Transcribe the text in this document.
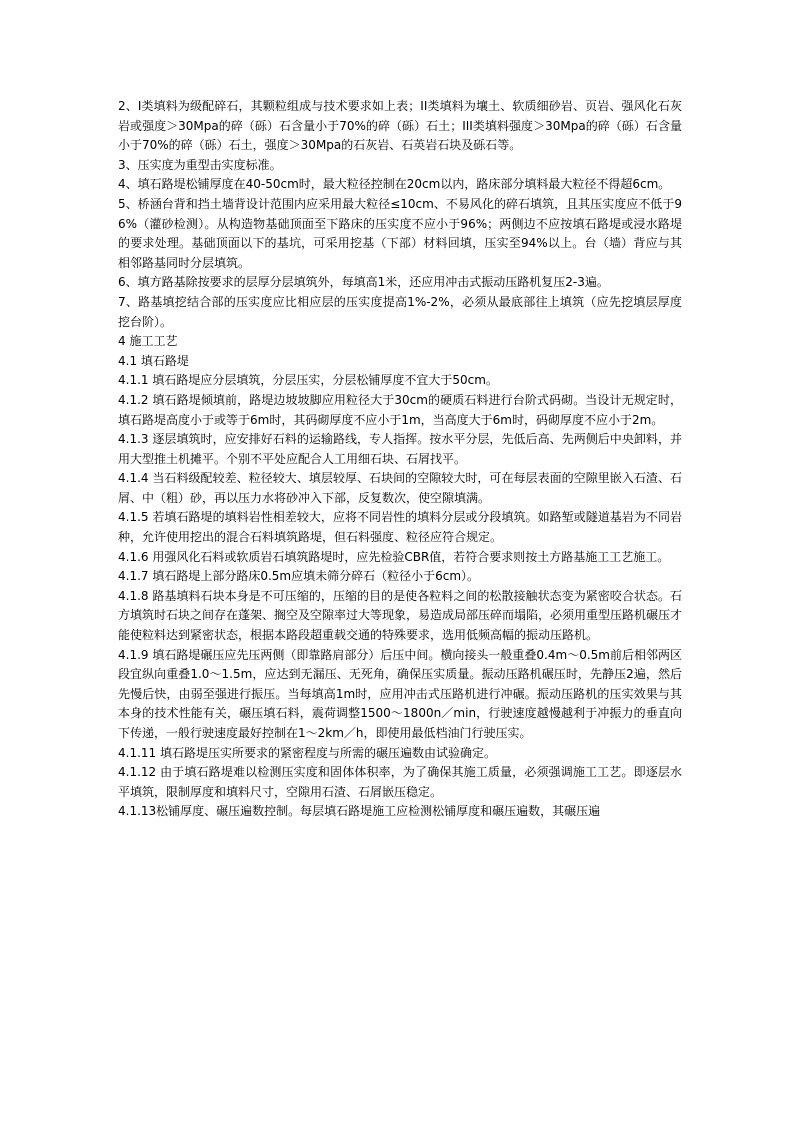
2、I类填料为级配碎石，其颗粒组成与技术要求如上表；II类填料为壤土、软质细砂岩、页岩、强风化石灰岩或强度＞30Mpa的碎（砾）石含量小于70%的碎（砾）石土；III类填料强度＞30Mpa的碎（砾）石含量小于70%的碎（砾）石土，强度＞30Mpa的石灰岩、石英岩石块及砾石等。

3、压实度为重型击实度标准。

4、填石路堤松铺厚度在40-50cm时，最大粒径控制在20cm以内，路床部分填料最大粒径不得超6cm。

5、桥涵台背和挡土墙背设计范围内应采用最大粒径≤10cm、不易风化的碎石填筑，且其压实度应不低于96%（灌砂检测）。从构造物基础顶面至下路床的压实度不应小于96%；两侧边不应按填石路堤或浸水路堤的要求处理。基础顶面以下的基坑，可采用挖基（下部）材料回填，压实至94%以上。台（墙）背应与其相邻路基同时分层填筑。

6、填方路基除按要求的层厚分层填筑外，每填高1米，还应用冲击式振动压路机复压2-3遍。

7、路基填挖结合部的压实度应比相应层的压实度提高1%-2%，必须从最底部往上填筑（应先挖填层厚度挖台阶）。

4 施工工艺

4.1 填石路堤

4.1.1 填石路堤应分层填筑，分层压实，分层松铺厚度不宜大于50cm。

4.1.2 填石路堤倾填前，路堤边坡坡脚应用粒径大于30cm的硬质石料进行台阶式码砌。当设计无规定时，填石路堤高度小于或等于6m时，其码砌厚度不应小于1m，当高度大于6m时，码砌厚度不应小于2m。

4.1.3 逐层填筑时，应安排好石料的运输路线，专人指挥。按水平分层，先低后高、先两侧后中央卸料，并用大型推土机摊平。个别不平处应配合人工用细石块、石屑找平。

4.1.4 当石料级配较差、粒径较大、填层较厚、石块间的空隙较大时，可在每层表面的空隙里嵌入石渣、石屑、中（粗）砂，再以压力水将砂冲入下部，反复数次，使空隙填满。

4.1.5 若填石路堤的填料岩性相差较大，应将不同岩性的填料分层或分段填筑。如路堑或隧道基岩为不同岩种，允许使用挖出的混合石料填筑路堤，但石料强度、粒径应符合规定。

4.1.6 用强风化石料或软质岩石填筑路堤时，应先检验CBR值，若符合要求则按土方路基施工工艺施工。

4.1.7 填石路堤上部分路床0.5m应填未筛分碎石（粒径小于6cm）。

4.1.8 路基填料石块本身是不可压缩的，压缩的目的是使各粒料之间的松散接触状态变为紧密咬合状态。石方填筑时石块之间存在蓬架、搁空及空隙率过大等现象，易造成局部压碎而塌陷，必须用重型压路机碾压才能使粒料达到紧密状态，根据本路段超重载交通的特殊要求，选用低频高幅的振动压路机。

4.1.9 填石路堤碾压应先压两侧（即靠路肩部分）后压中间。横向接头一般重叠0.4m～0.5m前后相邻两区段宜纵向重叠1.0～1.5m，应达到无漏压、无死角，确保压实质量。振动压路机碾压时，先静压2遍，然后先慢后快，由弱至强进行振压。当每填高1m时，应用冲击式压路机进行冲碾。振动压路机的压实效果与其本身的技术性能有关，碾压填石料，震荷调整1500～1800n／min，行驶速度越慢越利于冲振力的垂直向下传递，一般行驶速度最好控制在1～2km／h，即使用最低档油门行驶压实。

4.1.11 填石路堤压实所要求的紧密程度与所需的碾压遍数由试验确定。

4.1.12 由于填石路堤难以检测压实度和固体体积率，为了确保其施工质量，必须强调施工工艺。即逐层水平填筑，限制厚度和填料尺寸，空隙用石渣、石屑嵌压稳定。

4.1.13松铺厚度、碾压遍数控制。每层填石路堤施工应检测松铺厚度和碾压遍数，其碾压遍
